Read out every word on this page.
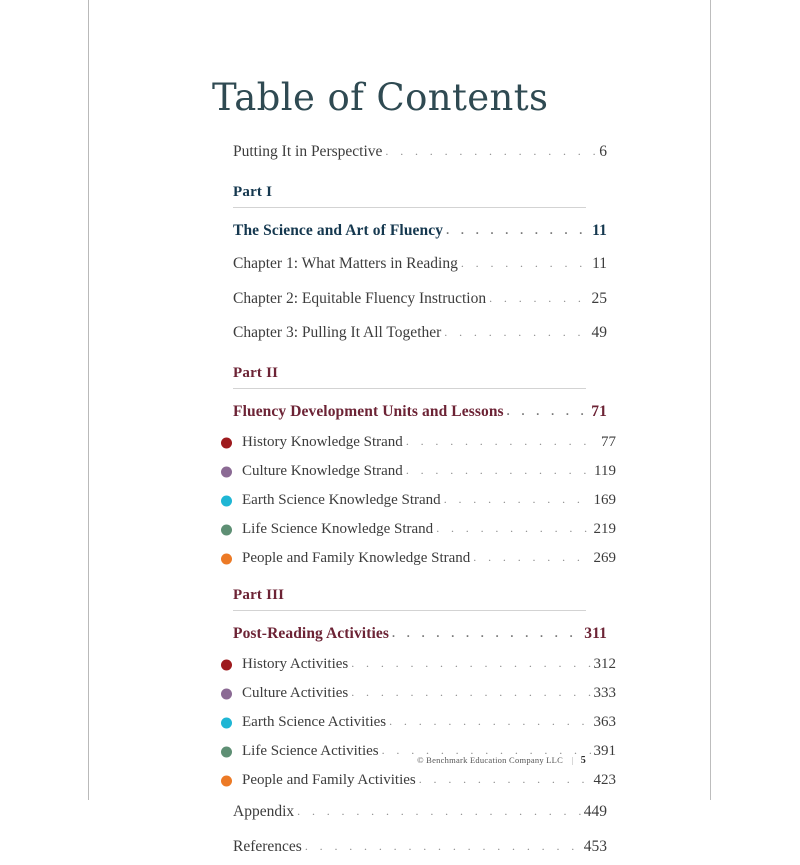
Table of Contents
Putting It in Perspective . . .	6
Part I
The Science and Art of Fluency . . .	11
Chapter 1: What Matters in Reading . . .	11
Chapter 2: Equitable Fluency Instruction . . .	25
Chapter 3: Pulling It All Together . . .	49
Part II
Fluency Development Units and Lessons . . .	71
History Knowledge Strand . . .	77
Culture Knowledge Strand . . .	119
Earth Science Knowledge Strand . . .	169
Life Science Knowledge Strand . . .	219
People and Family Knowledge Strand . . .	269
Part III
Post-Reading Activities . . .	311
History Activities . . .	312
Culture Activities . . .	333
Earth Science Activities . . .	363
Life Science Activities . . .	391
People and Family Activities . . .	423
Appendix . . .	449
References . . .	453
© Benchmark Education Company LLC | 5
